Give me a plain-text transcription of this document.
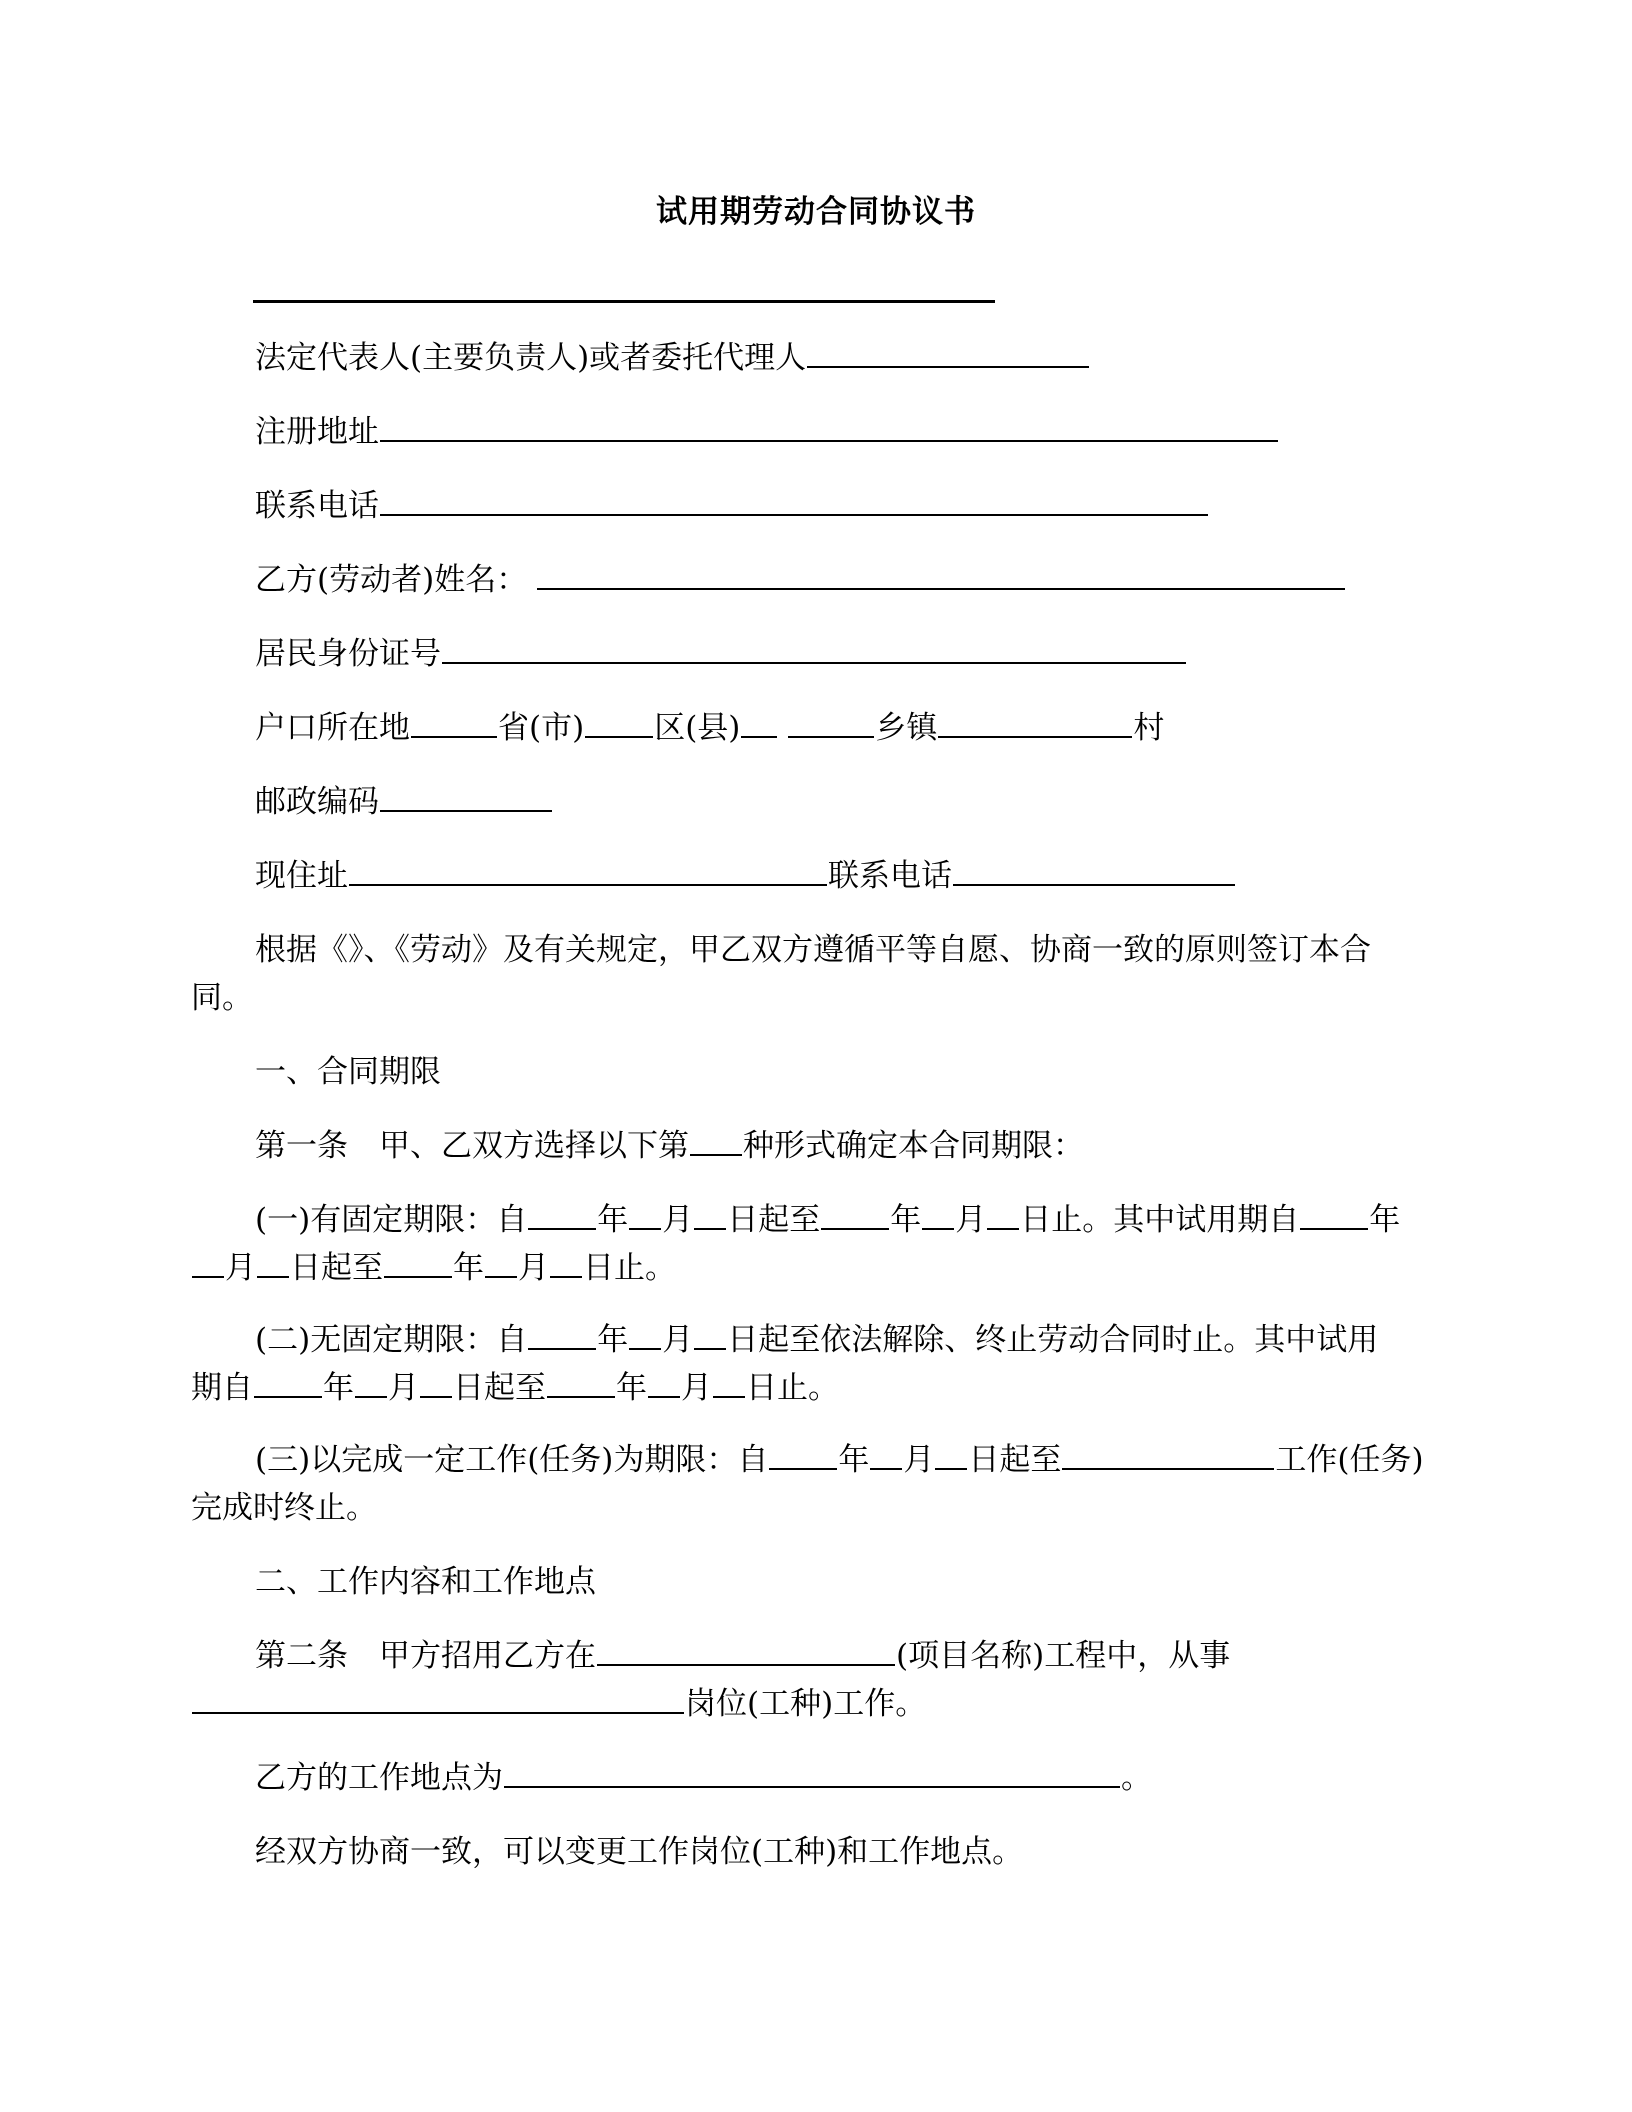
试用期劳动合同协议书
法定代表人(主要负责人)或者委托代理人
注册地址
联系电话
乙方(劳动者)姓名：
居民身份证号
户口所在地	省(市) 区(县)	乡镇	村
邮政编码
现住址	联系电话
根据《》、《劳动》及有关规定，甲乙双方遵循平等自愿、协商一致的原则签订本合
同。
一、合同期限
第一条　甲、乙双方选择以下第 种形式确定本合同期限：
(一)有固定期限：自 年 月 日起至 年 月 日止。其中试用期自 年
月 日起至 年 月 日止。
(二)无固定期限：自 年 月 日起至依法解除、终止劳动合同时止。其中试用
期自 年 月 日起至 年 月 日止。
(三)以完成一定工作(任务)为期限：自 年 月 日起至	工作(任务)
完成时终止。
二、工作内容和工作地点
第二条　甲方招用乙方在	(项目名称)工程中，从事
岗位(工种)工作。
乙方的工作地点为	。
经双方协商一致，可以变更工作岗位(工种)和工作地点。
